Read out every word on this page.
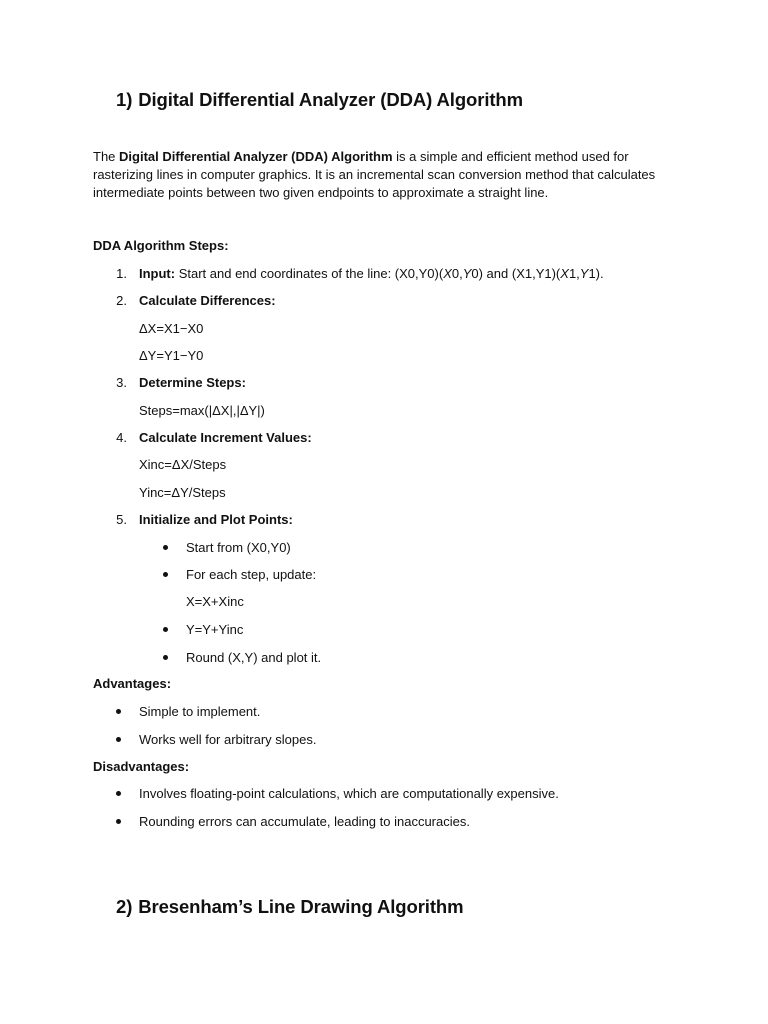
1) Digital Differential Analyzer (DDA) Algorithm
The Digital Differential Analyzer (DDA) Algorithm is a simple and efficient method used for rasterizing lines in computer graphics. It is an incremental scan conversion method that calculates intermediate points between two given endpoints to approximate a straight line.
DDA Algorithm Steps:
1. Input: Start and end coordinates of the line: (X0,Y0)(X0,Y0) and (X1,Y1)(X1,Y1).
2. Calculate Differences:
ΔX=X1−X0
ΔY=Y1−Y0
3. Determine Steps:
Steps=max(|ΔX|,|ΔY|)
4. Calculate Increment Values:
Xinc=ΔX/Steps
Yinc=ΔY/Steps
5. Initialize and Plot Points:
Start from (X0,Y0)
For each step, update:
X=X+Xinc
Y=Y+Yinc
Round (X,Y) and plot it.
Advantages:
Simple to implement.
Works well for arbitrary slopes.
Disadvantages:
Involves floating-point calculations, which are computationally expensive.
Rounding errors can accumulate, leading to inaccuracies.
2) Bresenham’s Line Drawing Algorithm
